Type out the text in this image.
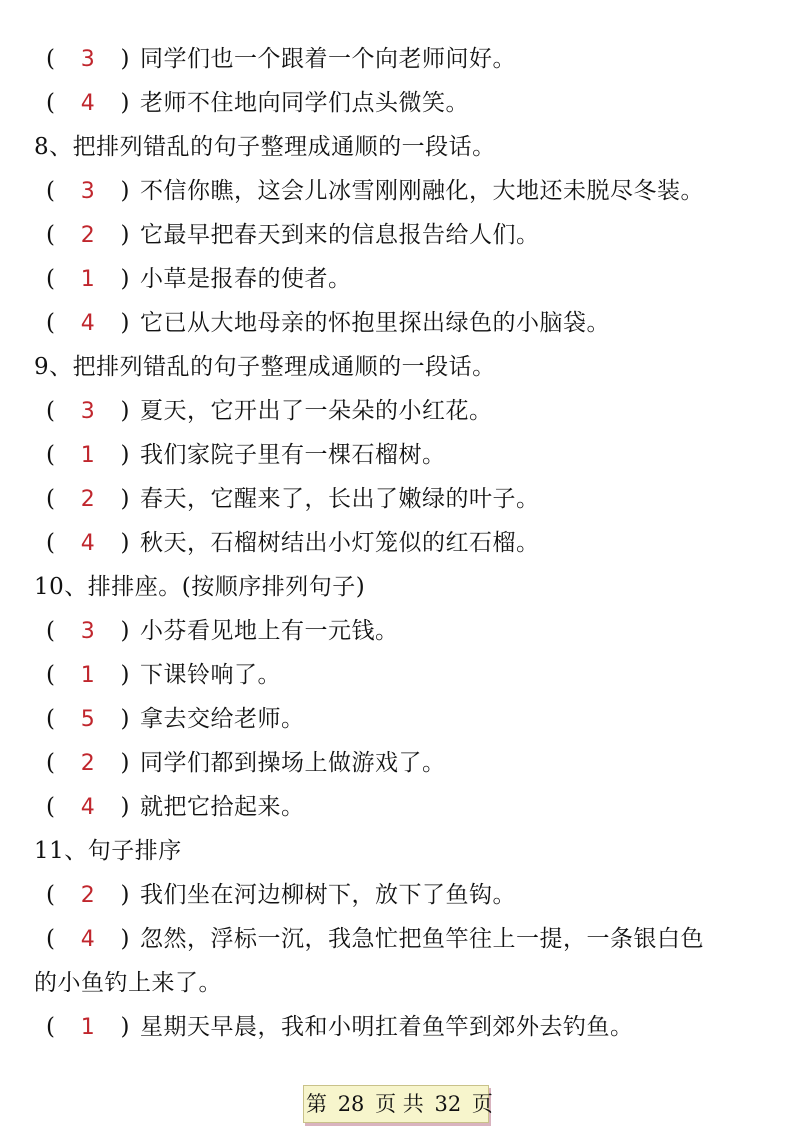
( 3 ) 同学们也一个跟着一个向老师问好。
( 4 ) 老师不住地向同学们点头微笑。
8、把排列错乱的句子整理成通顺的一段话。
( 3 ) 不信你瞧，这会儿冰雪刚刚融化，大地还未脱尽冬装。
( 2 ) 它最早把春天到来的信息报告给人们。
( 1 ) 小草是报春的使者。
( 4 ) 它已从大地母亲的怀抱里探出绿色的小脑袋。
9、把排列错乱的句子整理成通顺的一段话。
( 3 ) 夏天，它开出了一朵朵的小红花。
( 1 ) 我们家院子里有一棵石榴树。
( 2 ) 春天，它醒来了，长出了嫩绿的叶子。
( 4 ) 秋天，石榴树结出小灯笼似的红石榴。
10、排排座。(按顺序排列句子)
( 3 ) 小芬看见地上有一元钱。
( 1 ) 下课铃响了。
( 5 ) 拿去交给老师。
( 2 ) 同学们都到操场上做游戏了。
( 4 ) 就把它拾起来。
11、句子排序
( 2 ) 我们坐在河边柳树下，放下了鱼钩。
( 4 ) 忽然，浮标一沉，我急忙把鱼竿往上一提，一条银白色
的小鱼钓上来了。
( 1 ) 星期天早晨，我和小明扛着鱼竿到郊外去钓鱼。
第 28 页 共 32 页
